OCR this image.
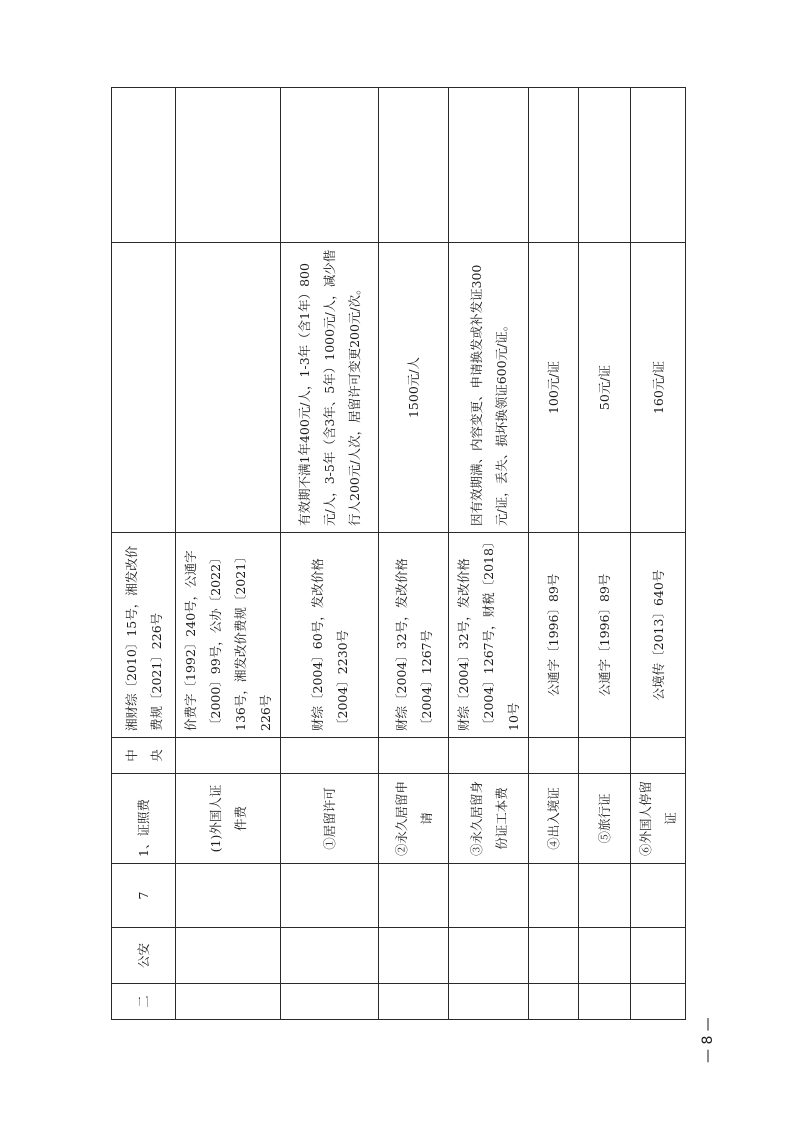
二	公安	7	1、证照费	中央	湘财综〔2010〕15号，湘发改价费规〔2021〕226号		
			(1)外国人证件费		价费字〔1992〕240号，公通字〔2000〕99号，公办〔2022〕136号，湘发改价费规〔2021〕226号		
			①居留许可		财综〔2004〕60号，发改价格〔2004〕2230号	有效期不满1年400元/人，1-3年（含1年）800元/人，3-5年（含3年、5年）1000元/人，减少偕行人200元/人次，居留许可变更200元/次。	
			②永久居留申请		财综〔2004〕32号，发改价格〔2004〕1267号	1500元/人	
			③永久居留身份证工本费		财综〔2004〕32号，发改价格〔2004〕1267号，财税〔2018〕10号	因有效期满、内容变更、申请换发或补发证300元/证，丢失、损坏换领证600元/证。	
			④出入境证		公通字〔1996〕89号	100元/证	
			⑤旅行证		公通字〔1996〕89号	50元/证	
			⑥外国人停留证		公境传〔2013〕640号	160元/证	
— 8 —
